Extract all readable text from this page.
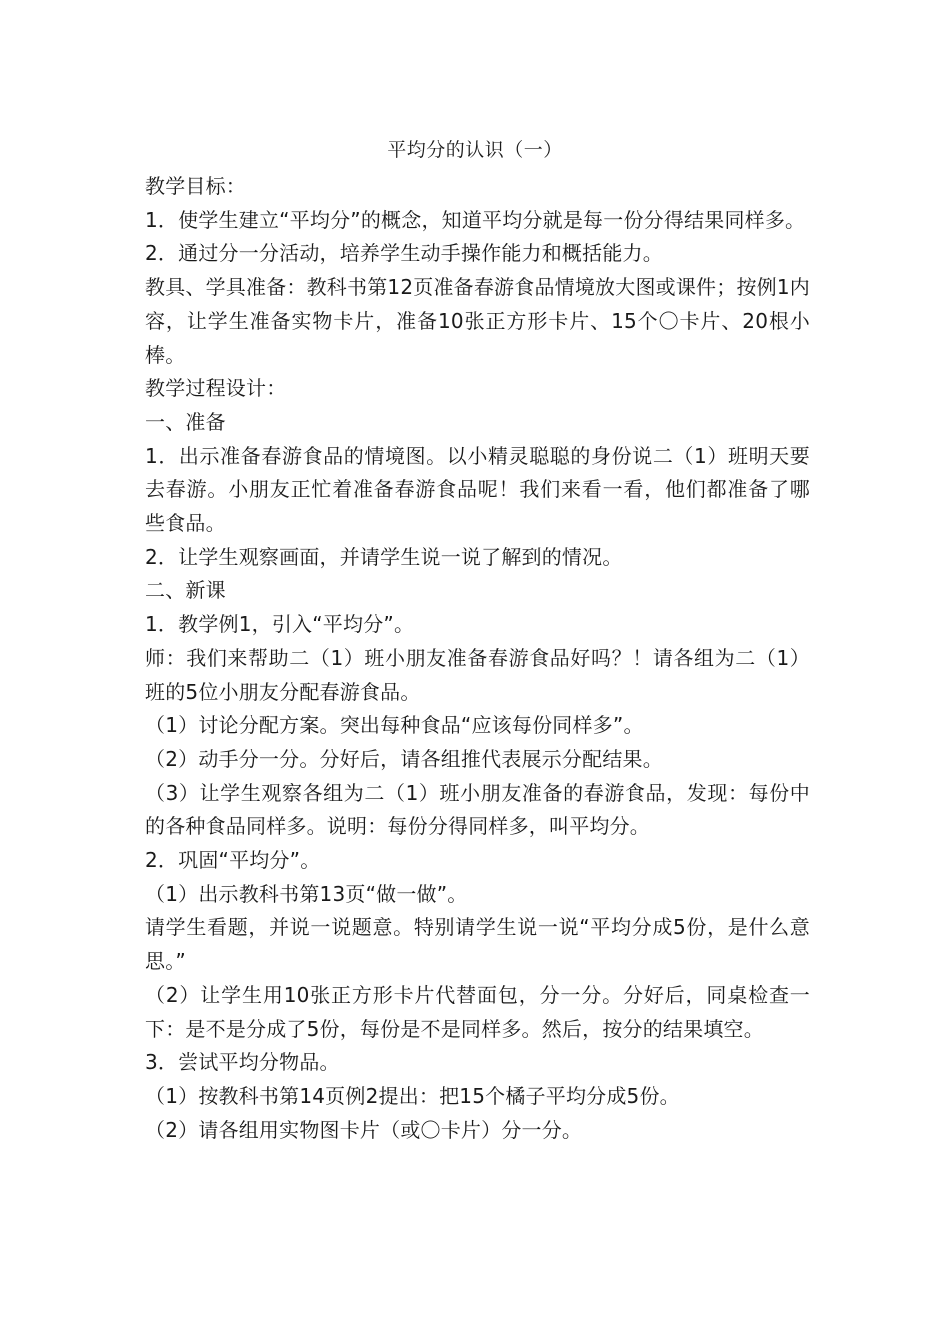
平均分的认识（一）

教学目标：

1．使学生建立“平均分”的概念，知道平均分就是每一份分得结果同样多。

2．通过分一分活动，培养学生动手操作能力和概括能力。

教具、学具准备：教科书第12页准备春游食品情境放大图或课件；按例1内容，让学生准备实物卡片，准备10张正方形卡片、15个〇卡片、20根小棒。

教学过程设计：

一、准备

1．出示准备春游食品的情境图。以小精灵聪聪的身份说二（1）班明天要去春游。小朋友正忙着准备春游食品呢！我们来看一看，他们都准备了哪些食品。

2．让学生观察画面，并请学生说一说了解到的情况。

二、新课

1．教学例1，引入“平均分”。

师：我们来帮助二（1）班小朋友准备春游食品好吗？！请各组为二（1）班的5位小朋友分配春游食品。

（1）讨论分配方案。突出每种食品“应该每份同样多”。

（2）动手分一分。分好后，请各组推代表展示分配结果。

（3）让学生观察各组为二（1）班小朋友准备的春游食品，发现：每份中的各种食品同样多。说明：每份分得同样多，叫平均分。

2．巩固“平均分”。

（1）出示教科书第13页“做一做”。

请学生看题，并说一说题意。特别请学生说一说“平均分成5份，是什么意思。”

（2）让学生用10张正方形卡片代替面包，分一分。分好后，同桌检查一下：是不是分成了5份，每份是不是同样多。然后，按分的结果填空。

3．尝试平均分物品。

（1）按教科书第14页例2提出：把15个橘子平均分成5份。

（2）请各组用实物图卡片（或〇卡片）分一分。
